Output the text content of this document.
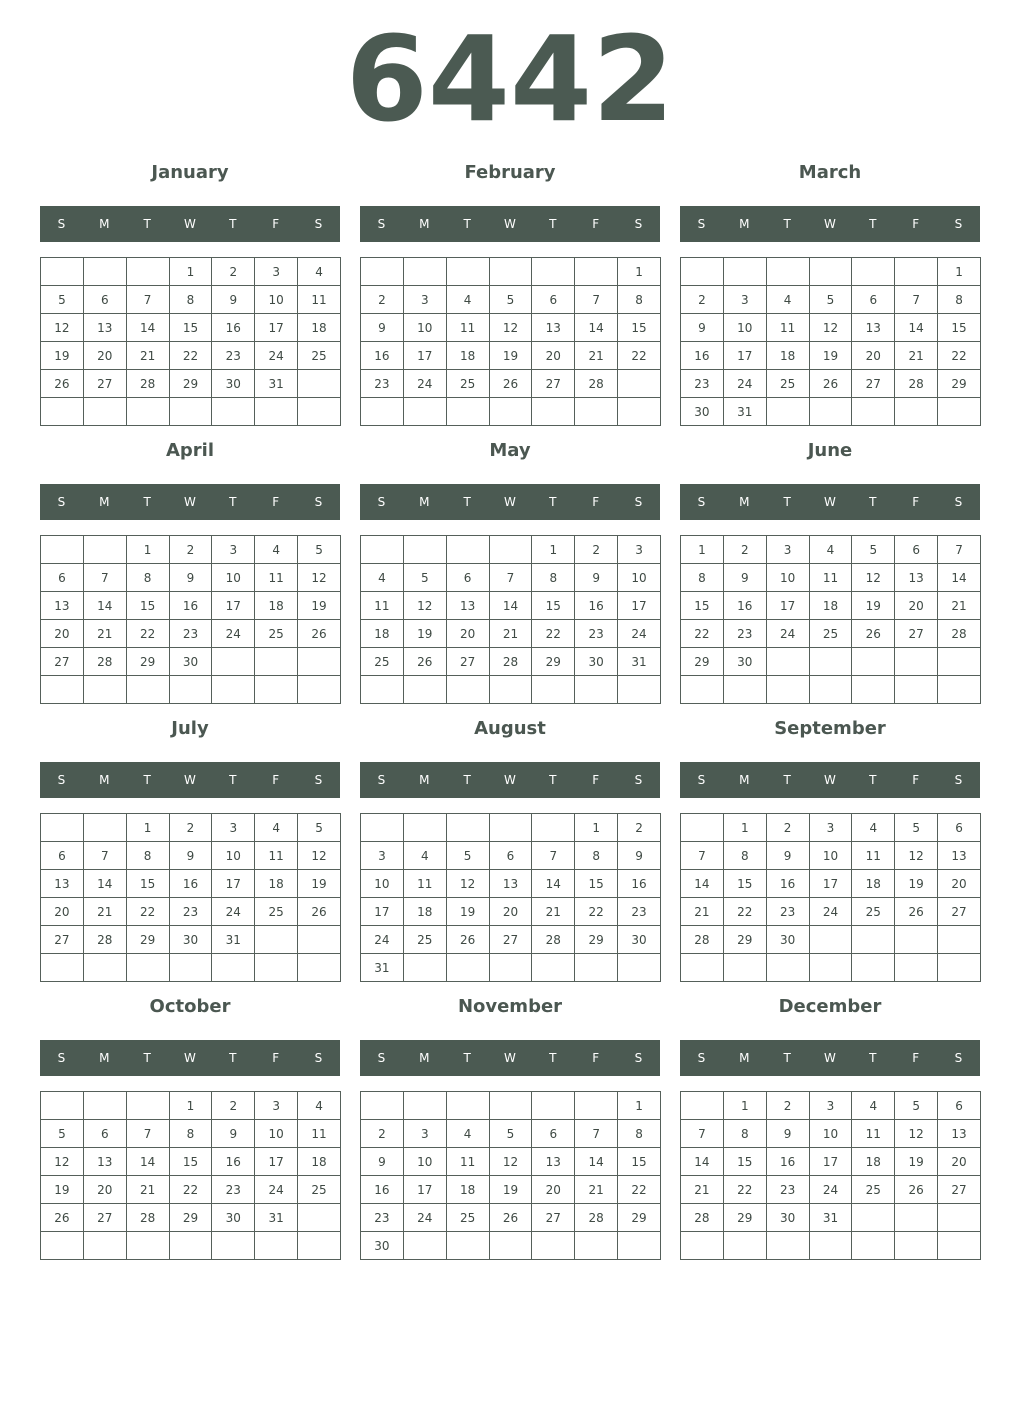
6442
January
S	M	T	W	T	F	S
			1	2	3	4
5	6	7	8	9	10	11
12	13	14	15	16	17	18
19	20	21	22	23	24	25
26	27	28	29	30	31	

February
S	M	T	W	T	F	S
						1
2	3	4	5	6	7	8
9	10	11	12	13	14	15
16	17	18	19	20	21	22
23	24	25	26	27	28	

March
S	M	T	W	T	F	S
						1
2	3	4	5	6	7	8
9	10	11	12	13	14	15
16	17	18	19	20	21	22
23	24	25	26	27	28	29
30	31					
April
S	M	T	W	T	F	S
		1	2	3	4	5
6	7	8	9	10	11	12
13	14	15	16	17	18	19
20	21	22	23	24	25	26
27	28	29	30			

May
S	M	T	W	T	F	S
				1	2	3
4	5	6	7	8	9	10
11	12	13	14	15	16	17
18	19	20	21	22	23	24
25	26	27	28	29	30	31

June
S	M	T	W	T	F	S
1	2	3	4	5	6	7
8	9	10	11	12	13	14
15	16	17	18	19	20	21
22	23	24	25	26	27	28
29	30					

July
S	M	T	W	T	F	S
		1	2	3	4	5
6	7	8	9	10	11	12
13	14	15	16	17	18	19
20	21	22	23	24	25	26
27	28	29	30	31		

August
S	M	T	W	T	F	S
					1	2
3	4	5	6	7	8	9
10	11	12	13	14	15	16
17	18	19	20	21	22	23
24	25	26	27	28	29	30
31						
September
S	M	T	W	T	F	S
	1	2	3	4	5	6
7	8	9	10	11	12	13
14	15	16	17	18	19	20
21	22	23	24	25	26	27
28	29	30				

October
S	M	T	W	T	F	S
			1	2	3	4
5	6	7	8	9	10	11
12	13	14	15	16	17	18
19	20	21	22	23	24	25
26	27	28	29	30	31	

November
S	M	T	W	T	F	S
						1
2	3	4	5	6	7	8
9	10	11	12	13	14	15
16	17	18	19	20	21	22
23	24	25	26	27	28	29
30						
December
S	M	T	W	T	F	S
	1	2	3	4	5	6
7	8	9	10	11	12	13
14	15	16	17	18	19	20
21	22	23	24	25	26	27
28	29	30	31			
